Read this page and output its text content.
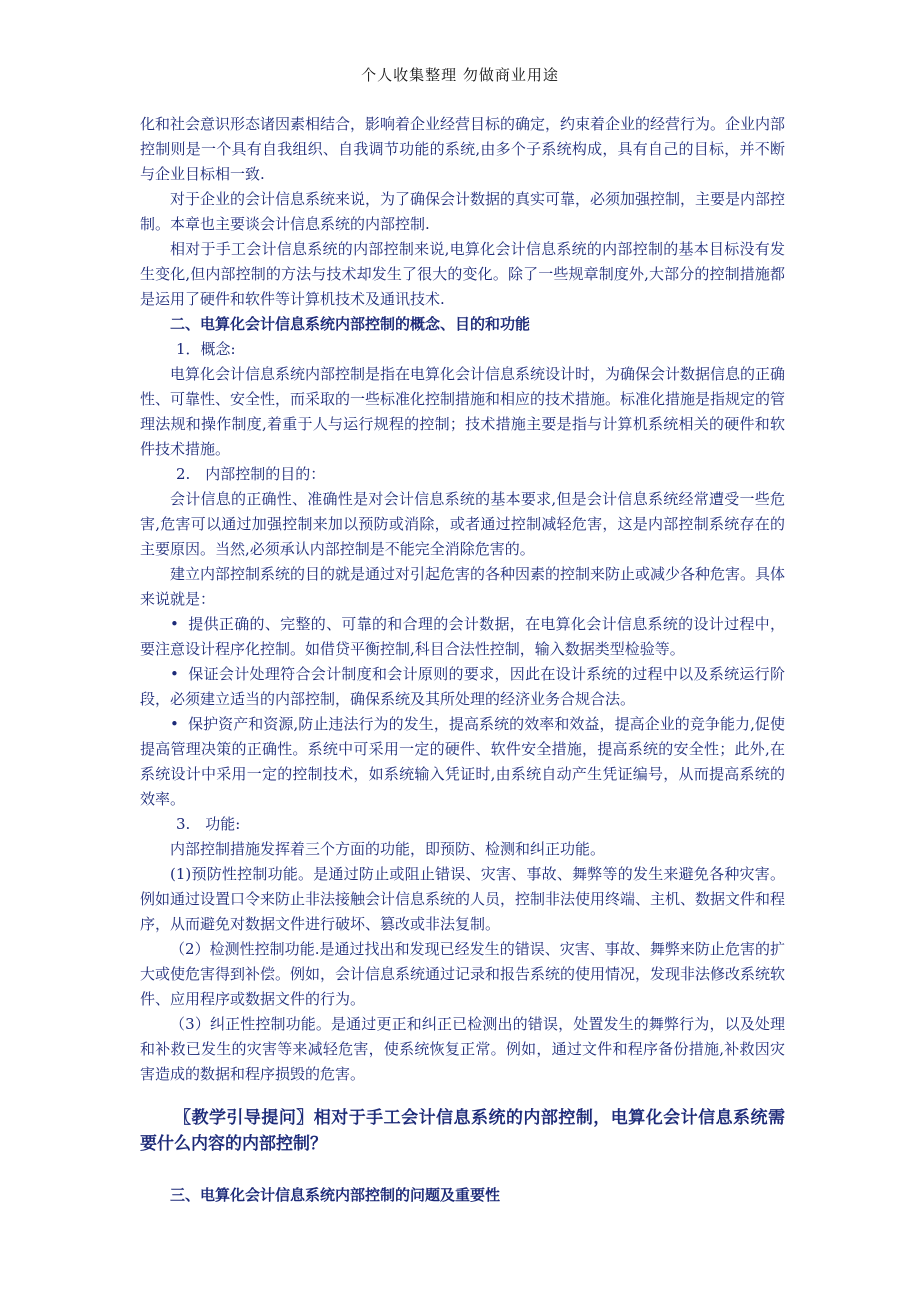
个人收集整理 勿做商业用途

化和社会意识形态诸因素相结合，影响着企业经营目标的确定，约束着企业的经营行为。企业内部控制则是一个具有自我组织、自我调节功能的系统,由多个子系统构成，具有自己的目标，并不断与企业目标相一致.

对于企业的会计信息系统来说，为了确保会计数据的真实可靠，必须加强控制，主要是内部控制。本章也主要谈会计信息系统的内部控制.

相对于手工会计信息系统的内部控制来说,电算化会计信息系统的内部控制的基本目标没有发生变化,但内部控制的方法与技术却发生了很大的变化。除了一些规章制度外,大部分的控制措施都是运用了硬件和软件等计算机技术及通讯技术.

二、电算化会计信息系统内部控制的概念、目的和功能

1．概念:

电算化会计信息系统内部控制是指在电算化会计信息系统设计时，为确保会计数据信息的正确性、可靠性、安全性，而采取的一些标准化控制措施和相应的技术措施。标准化措施是指规定的管理法规和操作制度,着重于人与运行规程的控制；技术措施主要是指与计算机系统相关的硬件和软件技术措施。

2.　内部控制的目的：

会计信息的正确性、准确性是对会计信息系统的基本要求,但是会计信息系统经常遭受一些危害,危害可以通过加强控制来加以预防或消除，或者通过控制减轻危害，这是内部控制系统存在的主要原因。当然,必须承认内部控制是不能完全消除危害的。

建立内部控制系统的目的就是通过对引起危害的各种因素的控制来防止或减少各种危害。具体来说就是：

• 提供正确的、完整的、可靠的和合理的会计数据，在电算化会计信息系统的设计过程中，要注意设计程序化控制。如借贷平衡控制,科目合法性控制，输入数据类型检验等。

• 保证会计处理符合会计制度和会计原则的要求，因此在设计系统的过程中以及系统运行阶段，必须建立适当的内部控制，确保系统及其所处理的经济业务合规合法。

• 保护资产和资源,防止违法行为的发生，提高系统的效率和效益，提高企业的竞争能力,促使提高管理决策的正确性。系统中可采用一定的硬件、软件安全措施，提高系统的安全性；此外,在系统设计中采用一定的控制技术，如系统输入凭证时,由系统自动产生凭证编号，从而提高系统的效率。

3.　功能:

内部控制措施发挥着三个方面的功能，即预防、检测和纠正功能。

(1)预防性控制功能。是通过防止或阻止错误、灾害、事故、舞弊等的发生来避免各种灾害。例如通过设置口令来防止非法接触会计信息系统的人员，控制非法使用终端、主机、数据文件和程序，从而避免对数据文件进行破坏、篡改或非法复制。

（2）检测性控制功能.是通过找出和发现已经发生的错误、灾害、事故、舞弊来防止危害的扩大或使危害得到补偿。例如，会计信息系统通过记录和报告系统的使用情况，发现非法修改系统软件、应用程序或数据文件的行为。

（3）纠正性控制功能。是通过更正和纠正已检测出的错误，处置发生的舞弊行为，以及处理和补救已发生的灾害等来减轻危害，使系统恢复正常。例如，通过文件和程序备份措施,补救因灾害造成的数据和程序损毁的危害。

〖教学引导提问〗相对于手工会计信息系统的内部控制，电算化会计信息系统需要什么内容的内部控制？

三、电算化会计信息系统内部控制的问题及重要性
